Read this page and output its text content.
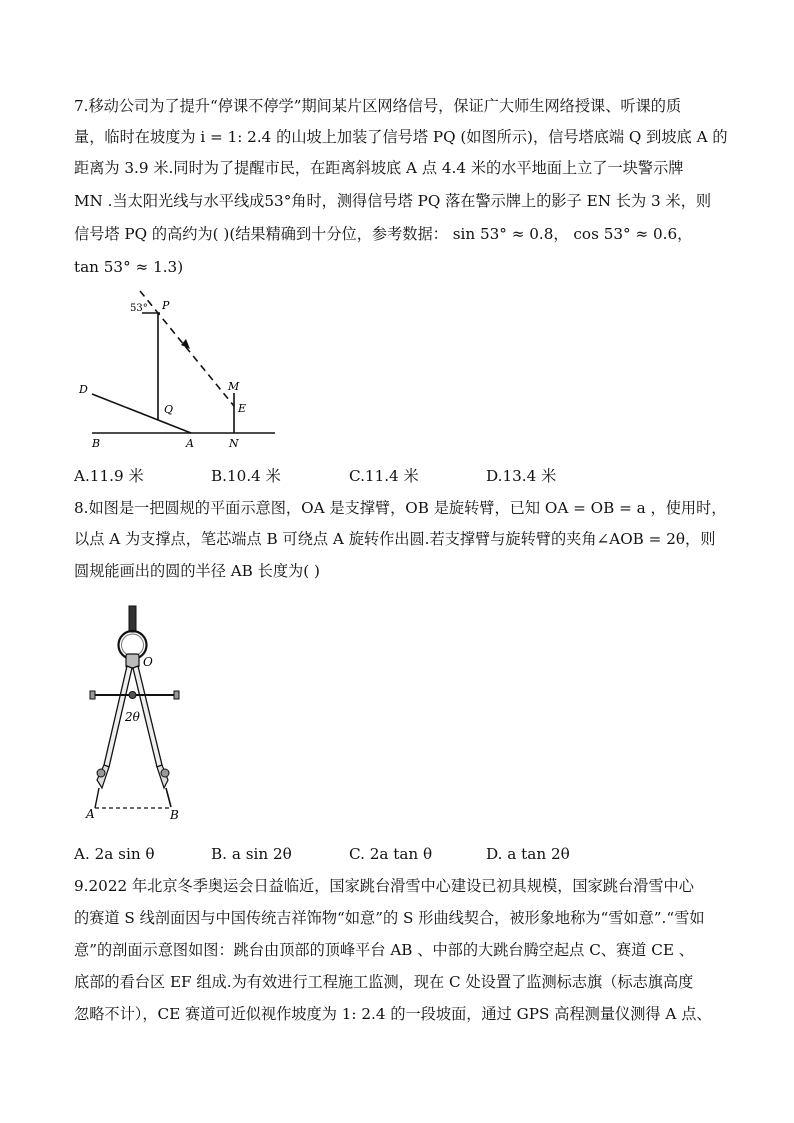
7.移动公司为了提升“停课不停学”期间某片区网络信号，保证广大师生网络授课、听课的质
量，临时在坡度为 i = 1: 2.4 的山坡上加装了信号塔 PQ (如图所示)，信号塔底端 Q 到坡底 A 的
距离为 3.9 米.同时为了提醒市民，在距离斜坡底 A 点 4.4 米的水平地面上立了一块警示牌
MN .当太阳光线与水平线成53°角时，测得信号塔 PQ 落在警示牌上的影子 EN 长为 3 米，则
信号塔 PQ 的高约为( )(结果精确到十分位，参考数据： sin 53° ≈ 0.8， cos 53° ≈ 0.6，
tan 53° ≈ 1.3)
53° P
D
Q
M
E
B	A	N
A.11.9 米	B.10.4 米	C.11.4 米	D.13.4 米
8.如图是一把圆规的平面示意图，OA 是支撑臂，OB 是旋转臂，已知 OA = OB = a ，使用时，
以点 A 为支撑点，笔芯端点 B 可绕点 A 旋转作出圆.若支撑臂与旋转臂的夹角∠AOB = 2θ，则
圆规能画出的圆的半径 AB 长度为( )
O
2θ
A	B
A. 2a sin θ	B. a sin 2θ	C. 2a tan θ	D. a tan 2θ
9.2022 年北京冬季奥运会日益临近，国家跳台滑雪中心建设已初具规模，国家跳台滑雪中心
的赛道 S 线剖面因与中国传统吉祥饰物“如意”的 S 形曲线契合，被形象地称为“雪如意”.“雪如
意”的剖面示意图如图：跳台由顶部的顶峰平台 AB 、中部的大跳台腾空起点 C、赛道 CE 、
底部的看台区 EF 组成.为有效进行工程施工监测，现在 C 处设置了监测标志旗（标志旗高度
忽略不计），CE 赛道可近似视作坡度为 1: 2.4 的一段坡面，通过 GPS 高程测量仪测得 A 点、
